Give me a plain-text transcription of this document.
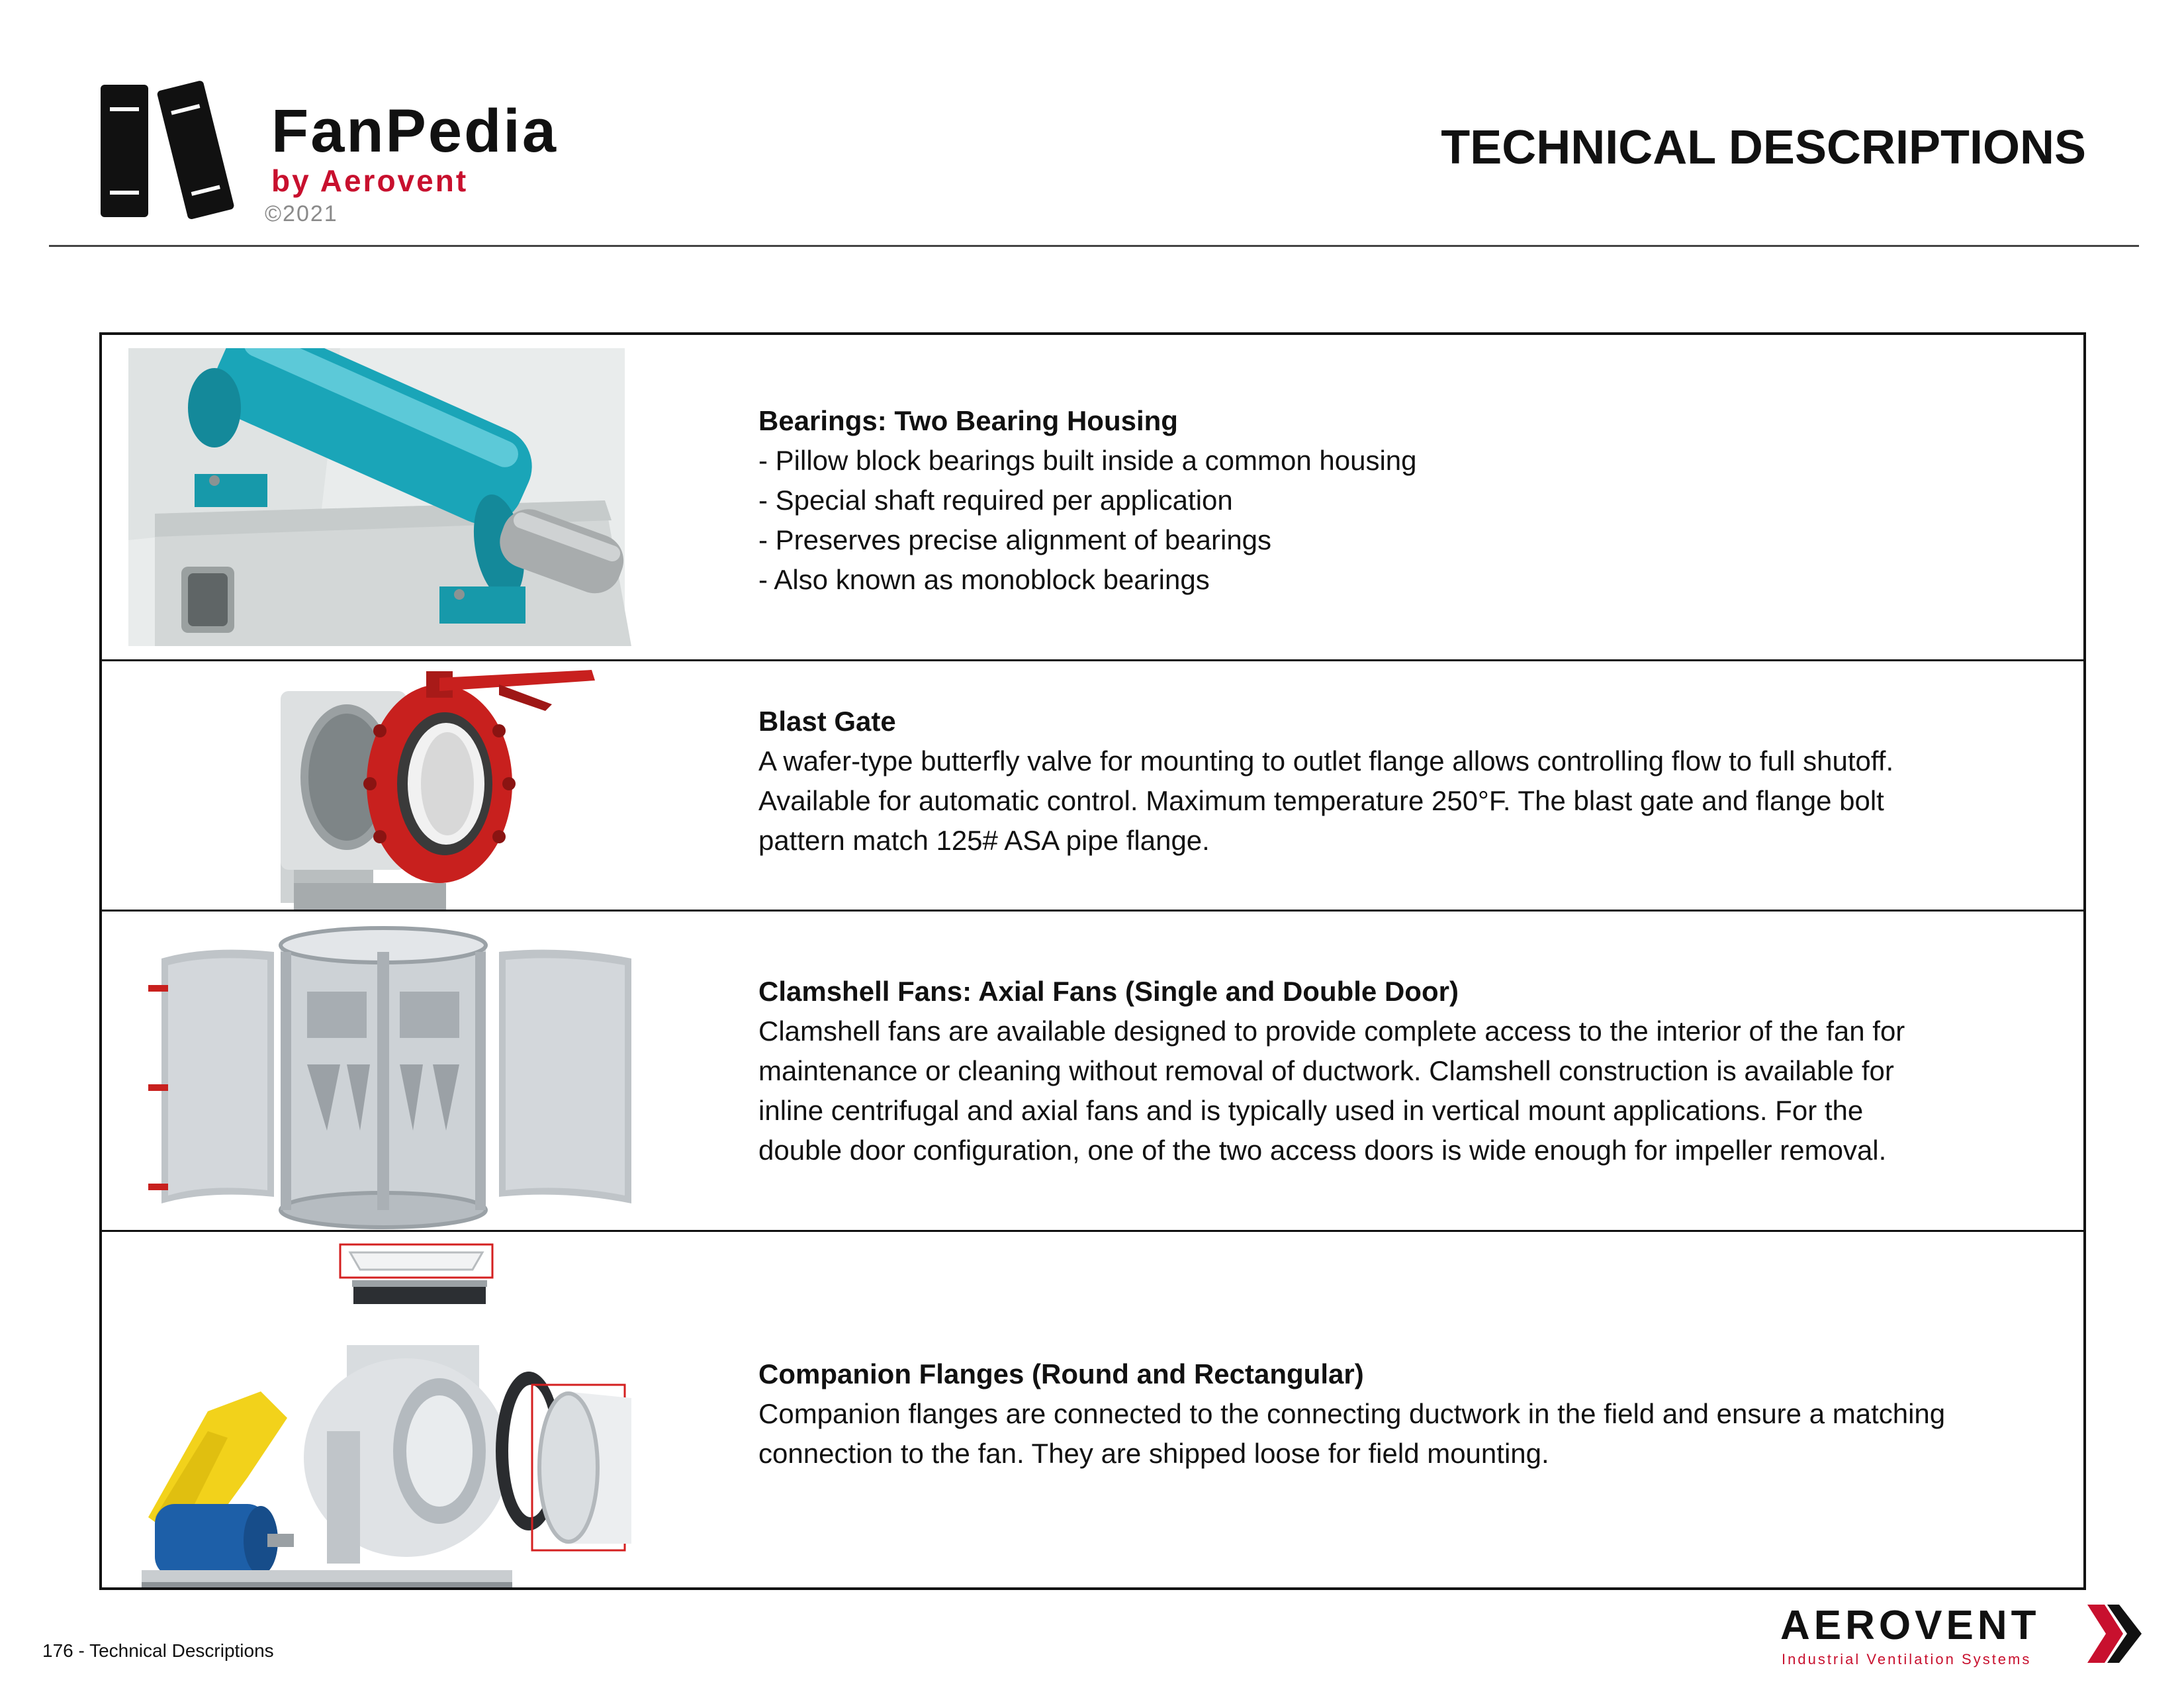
FanPedia
by Aerovent
©2021
TECHNICAL DESCRIPTIONS
Bearings: Two Bearing Housing
- Pillow block bearings built inside a common housing
- Special shaft required per application
- Preserves precise alignment of bearings
- Also known as monoblock bearings
Blast Gate
A wafer-type butterfly valve for mounting to outlet flange allows controlling flow to full shutoff.
Available for automatic control. Maximum temperature 250°F. The blast gate and flange bolt
pattern match 125# ASA pipe flange.
Clamshell Fans: Axial Fans (Single and Double Door)
Clamshell fans are available designed to provide complete access to the interior of the fan for
maintenance or cleaning without removal of ductwork. Clamshell construction is available for
inline centrifugal and axial fans and is typically used in vertical mount applications. For the
double door configuration, one of the two access doors is wide enough for impeller removal.
Companion Flanges (Round and Rectangular)
Companion flanges are connected to the connecting ductwork in the field and ensure a matching
connection to the fan. They are shipped loose for field mounting.
176 - Technical Descriptions
AEROVENT
Industrial Ventilation Systems
